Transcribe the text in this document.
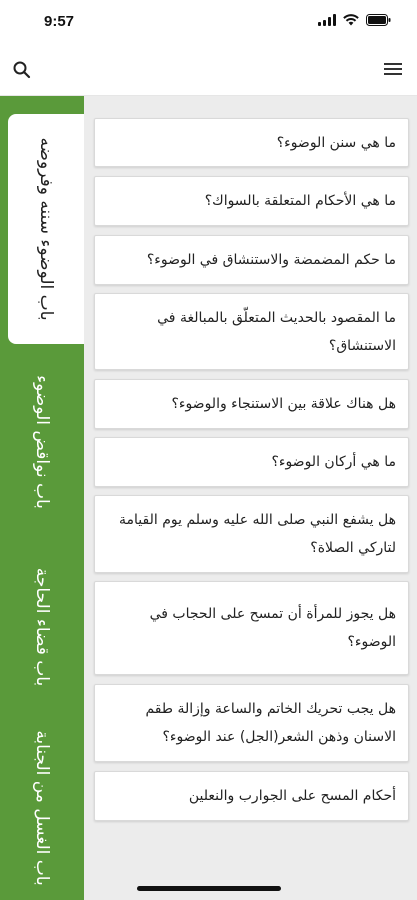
9:57
باب الوضوء سننه وفروضه
باب نواقض الوضوء
باب قضاء الحاجة
باب الغسل من الجنابة
ما هي سنن الوضوء؟
ما هي الأحكام المتعلقة بالسواك؟
ما حكم المضمضة والاستنشاق في الوضوء؟
ما المقصود بالحديث المتعلّق بالمبالغة في الاستنشاق؟
هل هناك علاقة بين الاستنجاء والوضوء؟
ما هي أركان الوضوء؟
هل يشفع النبي صلى الله عليه وسلم يوم القيامة لتاركي الصلاة؟
هل يجوز للمرأة أن تمسح على الحجاب في الوضوء؟
هل يجب تحريك الخاتم والساعة وإزالة طقم الاسنان وذهن الشعر(الجل) عند الوضوء؟
أحكام المسح على الجوارب والنعلين
